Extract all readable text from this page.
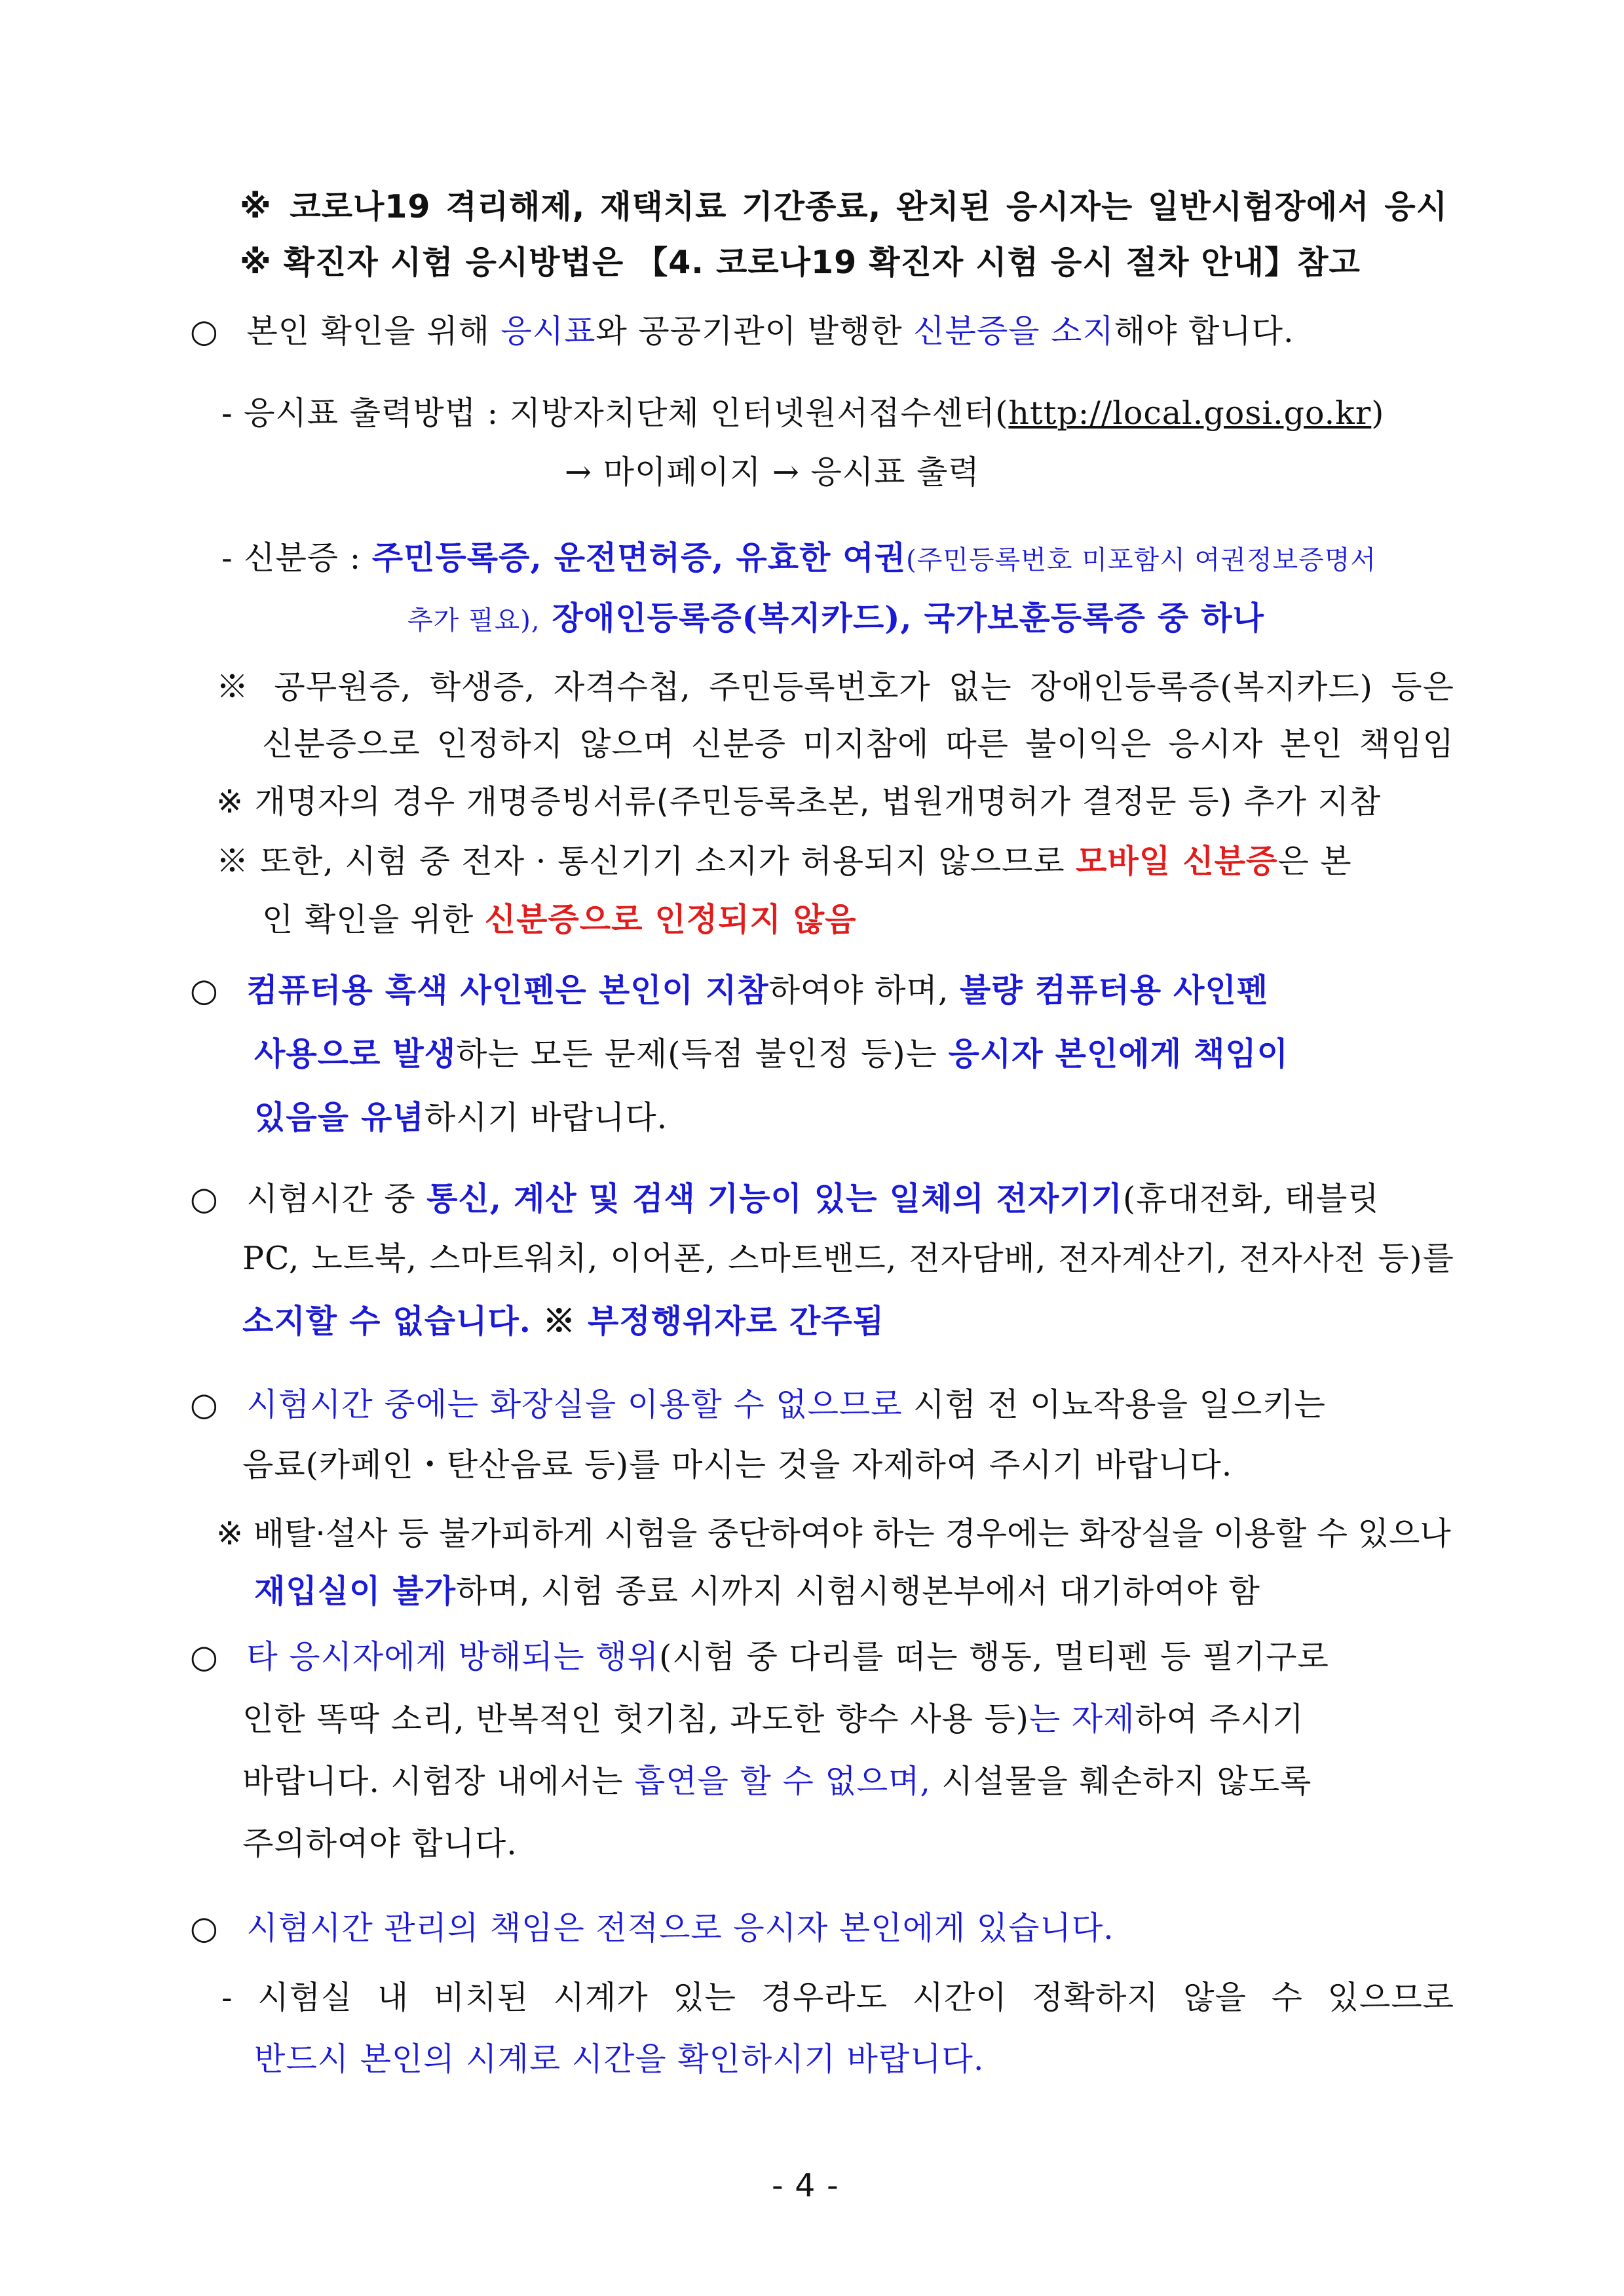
※ 코로나19 격리해제, 재택치료 기간종료, 완치된 응시자는 일반시험장에서 응시
※ 확진자 시험 응시방법은 【4. 코로나19 확진자 시험 응시 절차 안내】참고
○ 본인 확인을 위해 응시표와 공공기관이 발행한 신분증을 소지해야 합니다.
- 응시표 출력방법 : 지방자치단체 인터넷원서접수센터(http://local.gosi.go.kr)
→ 마이페이지 → 응시표 출력
- 신분증 : 주민등록증, 운전면허증, 유효한 여권(주민등록번호 미포함시 여권정보증명서
추가 필요), 장애인등록증(복지카드), 국가보훈등록증 중 하나
※ 공무원증, 학생증, 자격수첩, 주민등록번호가 없는 장애인등록증(복지카드) 등은
신분증으로 인정하지 않으며 신분증 미지참에 따른 불이익은 응시자 본인 책임임
※ 개명자의 경우 개명증빙서류(주민등록초본, 법원개명허가 결정문 등) 추가 지참
※ 또한, 시험 중 전자 · 통신기기 소지가 허용되지 않으므로 모바일 신분증은 본
인 확인을 위한 신분증으로 인정되지 않음
○ 컴퓨터용 흑색 사인펜은 본인이 지참하여야 하며, 불량 컴퓨터용 사인펜
사용으로 발생하는 모든 문제(득점 불인정 등)는 응시자 본인에게 책임이
있음을 유념하시기 바랍니다.
○ 시험시간 중 통신, 계산 및 검색 기능이 있는 일체의 전자기기(휴대전화, 태블릿
PC, 노트북, 스마트워치, 이어폰, 스마트밴드, 전자담배, 전자계산기, 전자사전 등)를
소지할 수 없습니다. ※ 부정행위자로 간주됨
○ 시험시간 중에는 화장실을 이용할 수 없으므로 시험 전 이뇨작용을 일으키는
음료(카페인・탄산음료 등)를 마시는 것을 자제하여 주시기 바랍니다.
※ 배탈·설사 등 불가피하게 시험을 중단하여야 하는 경우에는 화장실을 이용할 수 있으나
재입실이 불가하며, 시험 종료 시까지 시험시행본부에서 대기하여야 함
○ 타 응시자에게 방해되는 행위(시험 중 다리를 떠는 행동, 멀티펜 등 필기구로
인한 똑딱 소리, 반복적인 헛기침, 과도한 향수 사용 등)는 자제하여 주시기
바랍니다. 시험장 내에서는 흡연을 할 수 없으며, 시설물을 훼손하지 않도록
주의하여야 합니다.
○ 시험시간 관리의 책임은 전적으로 응시자 본인에게 있습니다.
- 시험실 내 비치된 시계가 있는 경우라도 시간이 정확하지 않을 수 있으므로
반드시 본인의 시계로 시간을 확인하시기 바랍니다.
- 4 -
